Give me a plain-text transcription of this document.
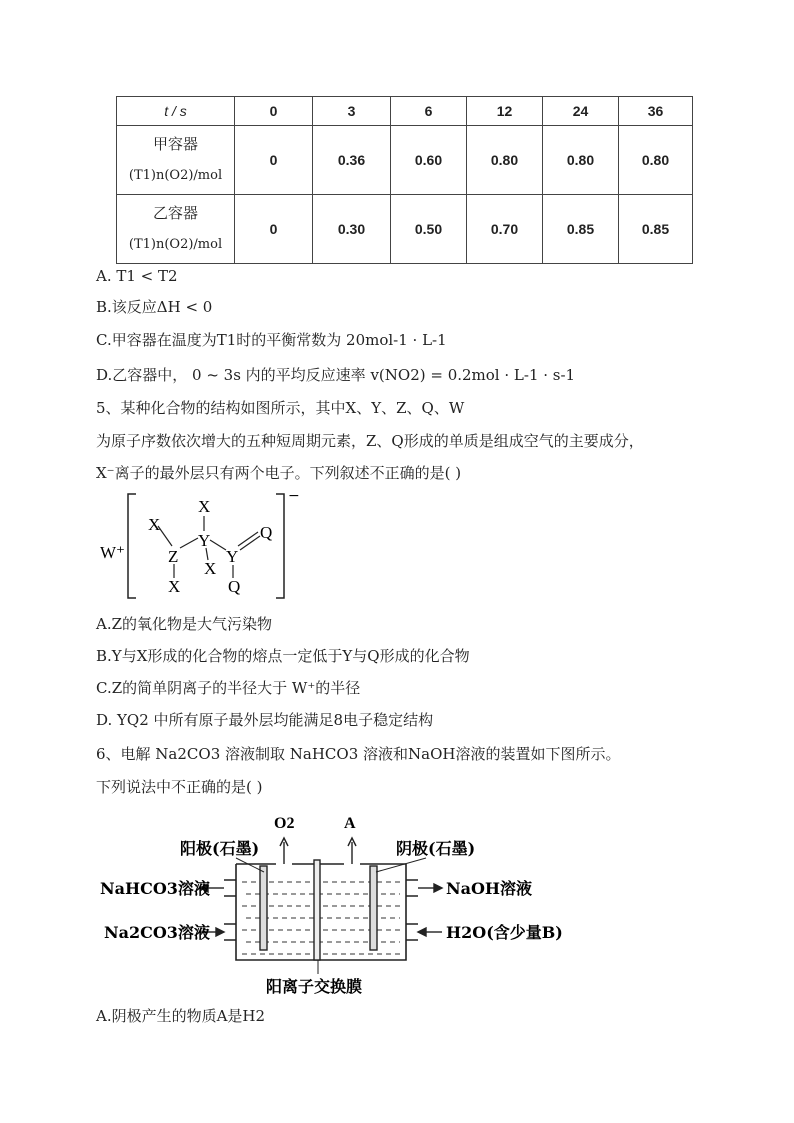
t / s	0	3	6	12	24	36

甲容器
(T1)n(O2)/mol	0	0.36	0.60	0.80	0.80	0.80

乙容器
(T1)n(O2)/mol	0	0.30	0.50	0.70	0.85	0.85
A. T1 < T2
B.该反应ΔH < 0
C.甲容器在温度为T1时的平衡常数为 20mol-1 · L-1
D.乙容器中， 0 ~ 3s 内的平均反应速率 v(NO2) = 0.2mol · L-1 · s-1
5、某种化合物的结构如图所示，其中X、Y、Z、Q、W
为原子序数依次增大的五种短周期元素，Z、Q形成的单质是组成空气的主要成分，
X⁻离子的最外层只有两个电子。下列叙述不正确的是( )
−
W⁺
X
X
Y
Z
X
X
Y
Q
Q
A.Z的氧化物是大气污染物
B.Y与X形成的化合物的熔点一定低于Y与Q形成的化合物
C.Z的简单阴离子的半径大于 W⁺的半径
D. YQ2 中所有原子最外层均能满足8电子稳定结构
6、电解 Na2CO3 溶液制取 NaHCO3 溶液和NaOH溶液的装置如下图所示。
下列说法中不正确的是( )
O2	A
阳极(石墨)	阴极(石墨)
NaHCO3溶液
Na2CO3溶液
NaOH溶液
H2O(含少量B)
阳离子交换膜
A.阴极产生的物质A是H2
